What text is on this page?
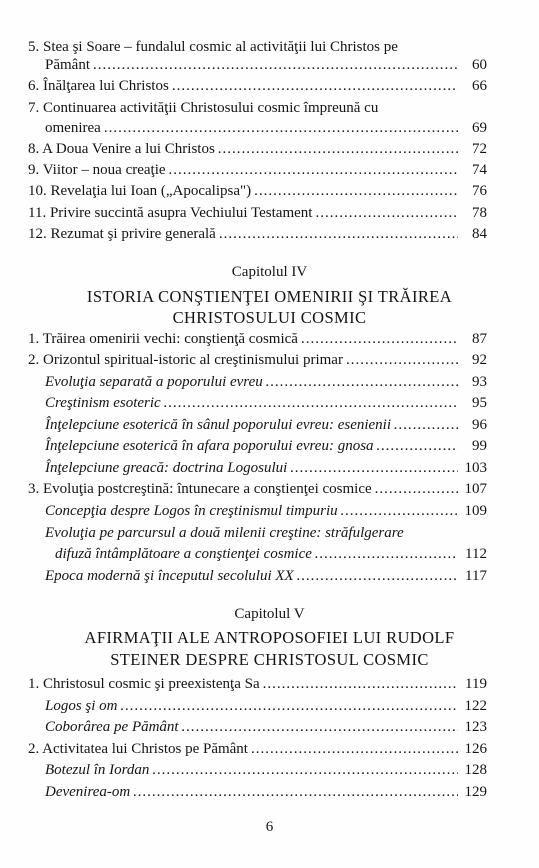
5. Stea şi Soare – fundalul cosmic al activităţii lui Christos pe
Pământ .....	60
6. Înălţarea lui Christos .....	66
7. Continuarea activităţii Christosului cosmic împreună cu
omenirea .....	69
8. A Doua Venire a lui Christos .....	72
9. Viitor – noua creaţie .....	74
10. Revelaţia lui Ioan („Apocalipsa") .....	76
11. Privire succintă asupra Vechiului Testament .....	78
12. Rezumat şi privire generală .....	84
Capitolul IV
ISTORIA CONŞTIENŢEI OMENIRII ŞI TRĂIREA
CHRISTOSULUI COSMIC
1. Trăirea omenirii vechi: conştienţă cosmică .....	87
2. Orizontul spiritual-istoric al creştinismului primar .....	92
Evoluţia separată a poporului evreu .....	93
Creştinism esoteric .....	95
Înţelepciune esoterică în sânul poporului evreu: esenienii .....	96
Înţelepciune esoterică în afara poporului evreu: gnosa .....	99
Înţelepciune greacă: doctrina Logosului .....	103
3. Evoluţia postcreştină: întunecare a conştienţei cosmice .....	107
Concepţia despre Logos în creştinismul timpuriu .....	109
Evoluţia pe parcursul a două milenii creştine: străfulgerare
difuză întâmplătoare a conştienţei cosmice .....	112
Epoca modernă şi începutul secolului XX .....	117
Capitolul V
AFIRMAŢII ALE ANTROPOSOFIEI LUI RUDOLF
STEINER DESPRE CHRISTOSUL COSMIC
1. Christosul cosmic şi preexistenţa Sa .....	119
Logos şi om .....	122
Coborârea pe Pământ .....	123
2. Activitatea lui Christos pe Pământ .....	126
Botezul în Iordan .....	128
Devenirea-om .....	129
6
